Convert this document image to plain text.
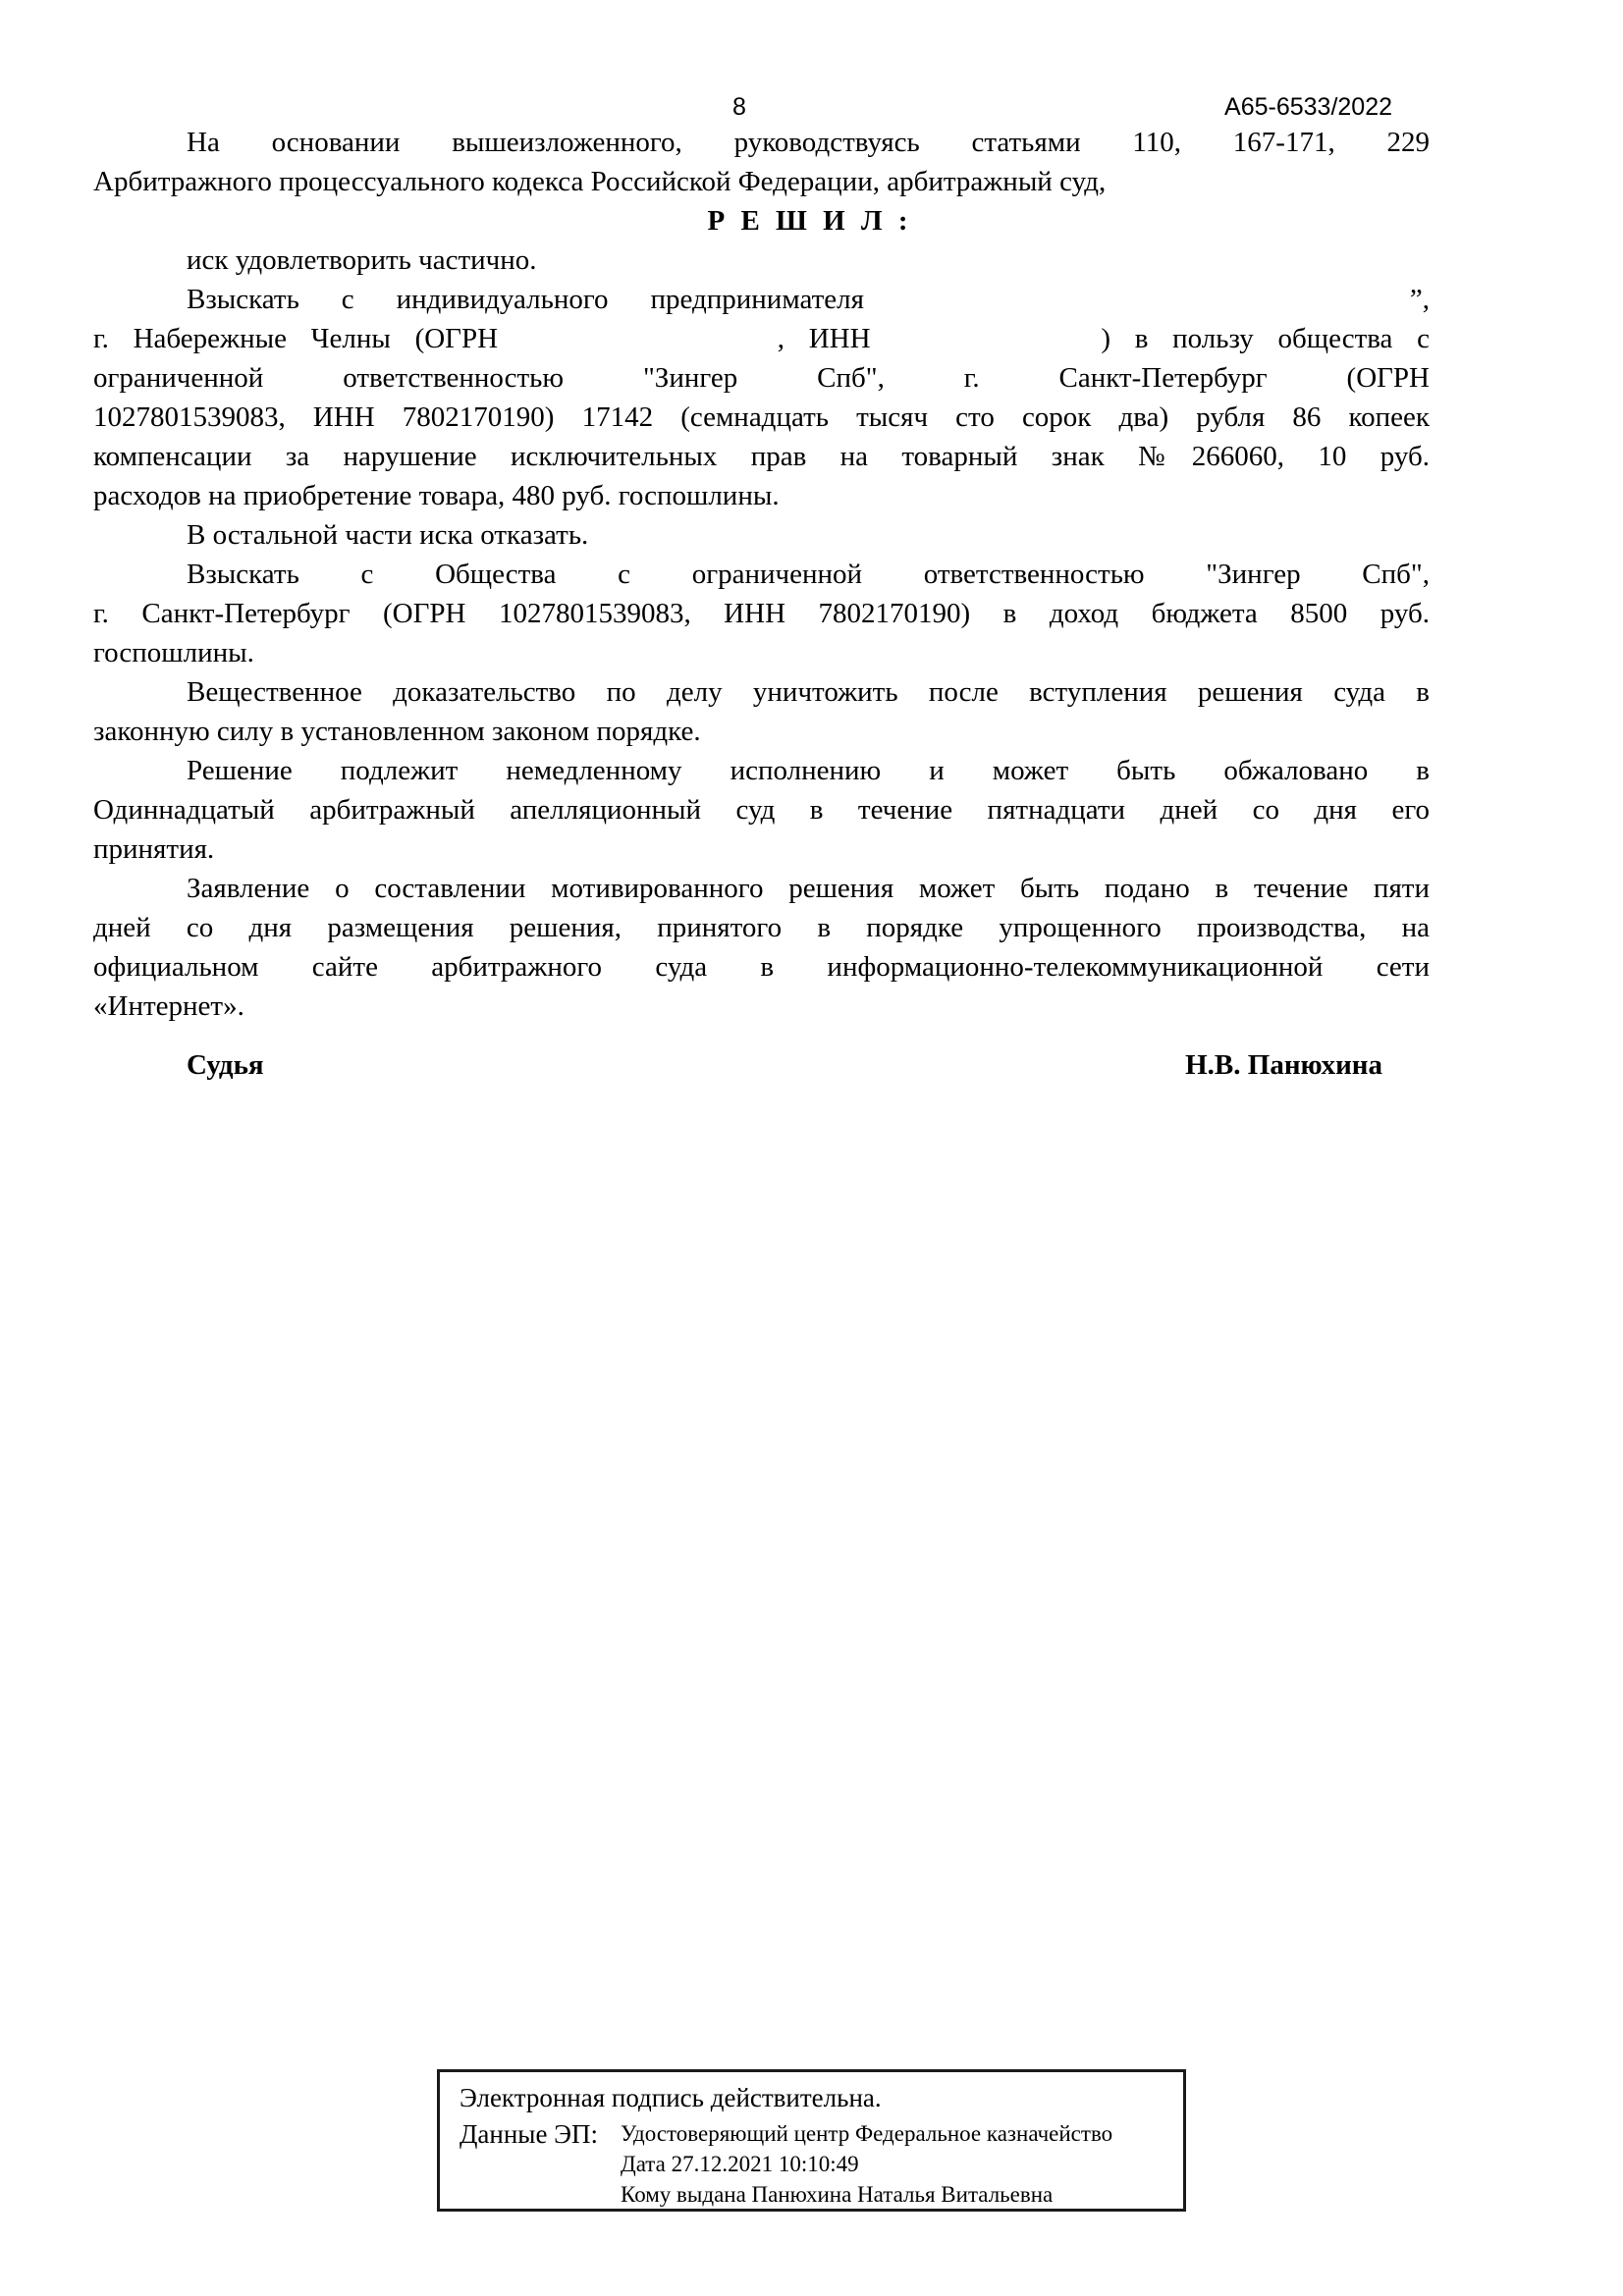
8	А65-6533/2022
На основании вышеизложенного, руководствуясь статьями 110, 167-171, 229
Арбитражного процессуального кодекса Российской Федерации, арбитражный суд,
Р Е Ш И Л :
иск удовлетворить частично.
Взыскать с индивидуального предпринимателя	”,
г. Набережные Челны (ОГРН	, ИНН	) в пользу общества с
ограниченной ответственностью "Зингер Спб", г. Санкт-Петербург (ОГРН
1027801539083, ИНН 7802170190) 17142 (семнадцать тысяч сто сорок два) рубля 86 копеек
компенсации за нарушение исключительных прав на товарный знак №266060, 10 руб.
расходов на приобретение товара, 480 руб. госпошлины.
В остальной части иска отказать.
Взыскать с Общества с ограниченной ответственностью "Зингер Спб",
г. Санкт-Петербург (ОГРН 1027801539083, ИНН 7802170190) в доход бюджета 8500 руб.
госпошлины.
Вещественное доказательство по делу уничтожить после вступления решения суда в
законную силу в установленном законом порядке.
Решение подлежит немедленному исполнению и может быть обжаловано в
Одиннадцатый арбитражный апелляционный суд в течение пятнадцати дней со дня его
принятия.
Заявление о составлении мотивированного решения может быть подано в течение пяти
дней со дня размещения решения, принятого в порядке упрощенного производства, на
официальном сайте арбитражного суда в информационно-телекоммуникационной сети
«Интернет».
Судья	Н.В. Панюхина
Электронная подпись действительна.
Данные ЭП:	Удостоверяющий центр Федеральное казначейство
Дата 27.12.2021 10:10:49
Кому выдана Панюхина Наталья Витальевна
